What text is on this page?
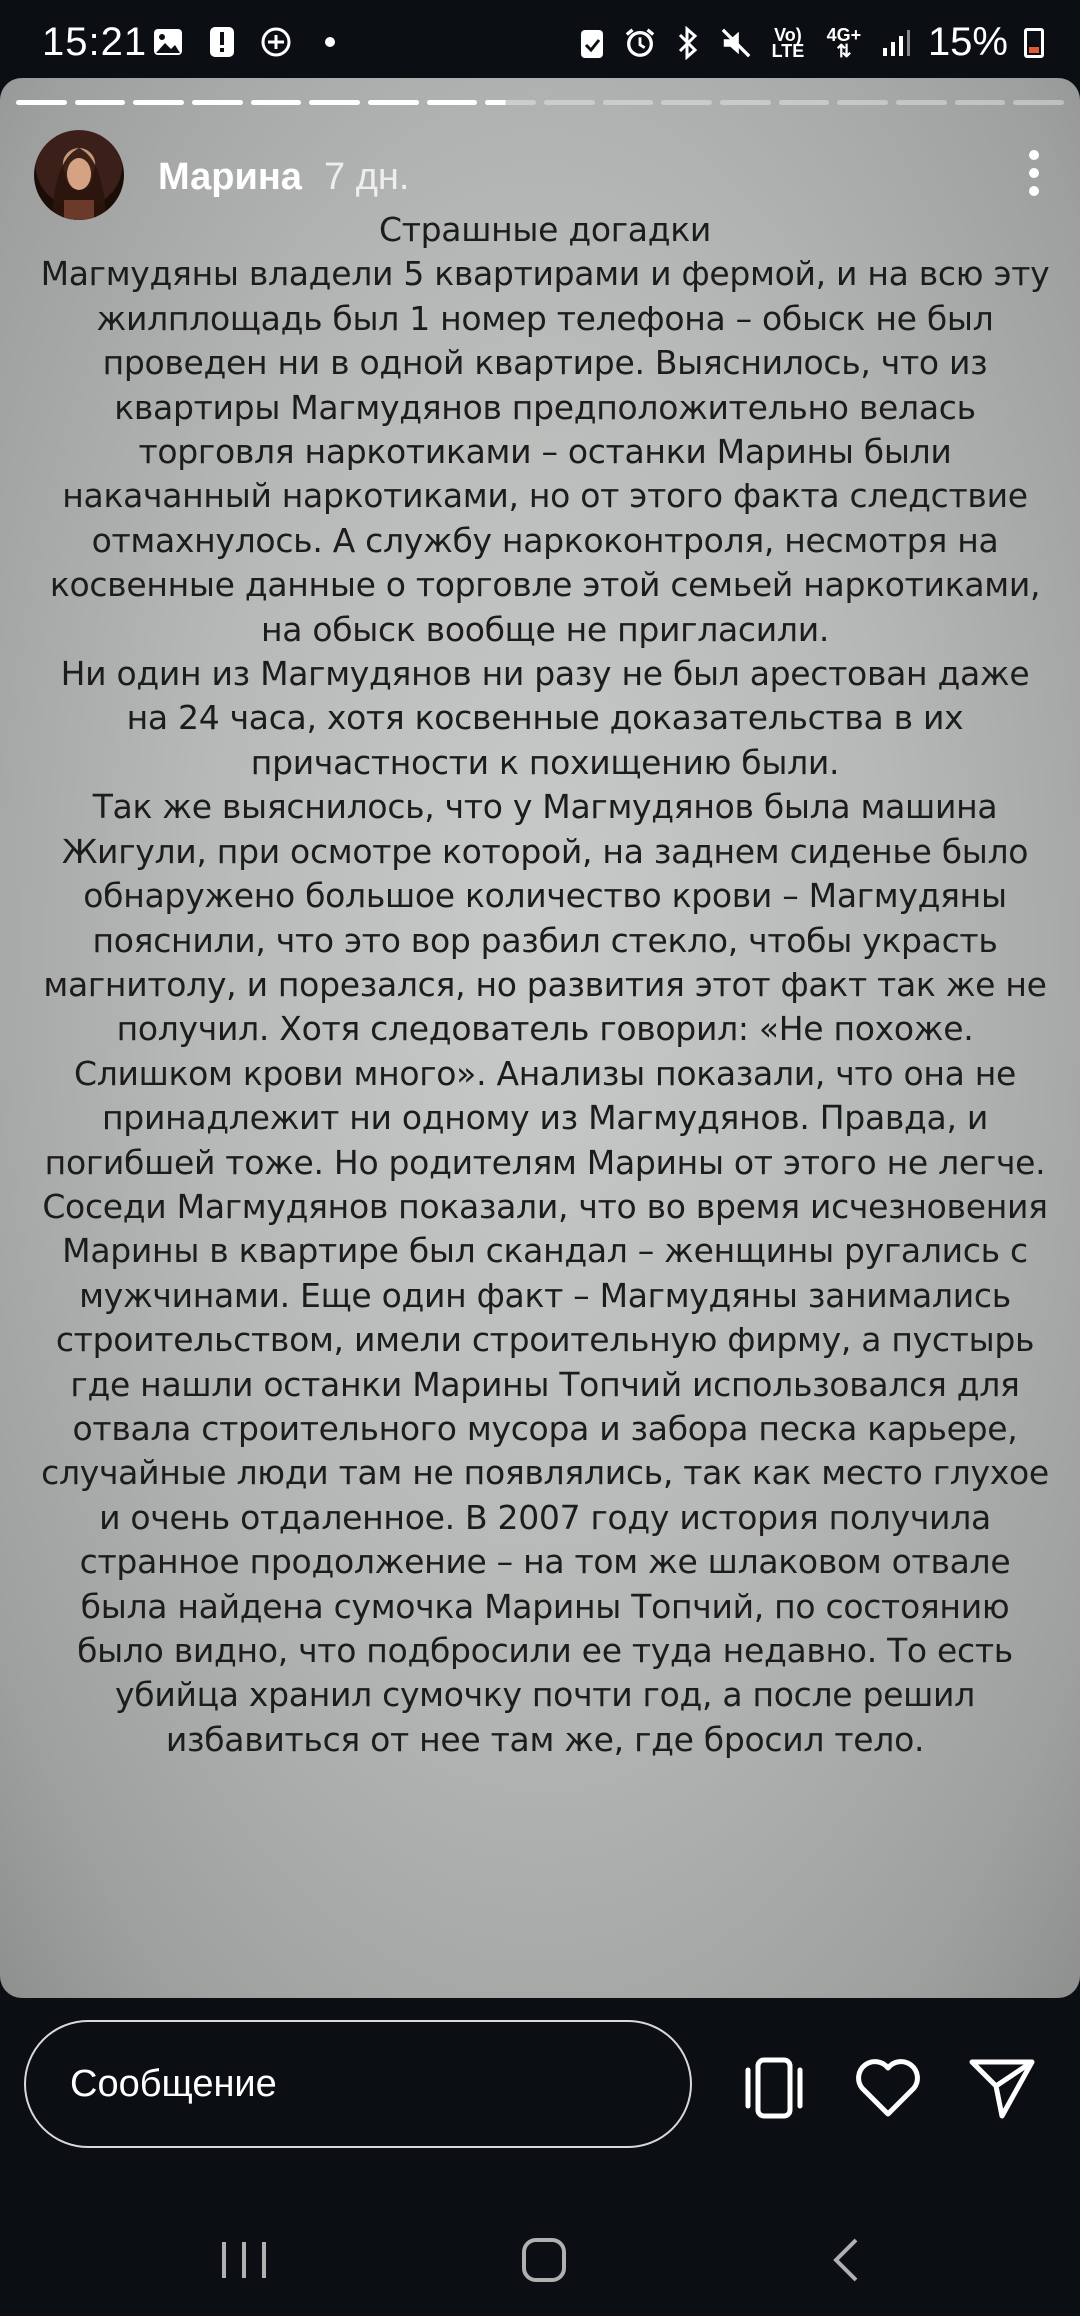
15:21	Vo)
LTE
4G+
⇅ 15%
Марина 7 дн.

Страшные догадки

Магмудяны владели 5 квартирами и фермой, и на всю эту жилплощадь был 1 номер телефона – обыск не был проведен ни в одной квартире. Выяснилось, что из квартиры Магмудянов предположительно велась торговля наркотиками – останки Марины были накачанный наркотиками, но от этого факта следствие отмахнулось. А службу наркоконтроля, несмотря на косвенные данные о торговле этой семьей наркотиками, на обыск вообще не пригласили.

Ни один из Магмудянов ни разу не был арестован даже на 24 часа, хотя косвенные доказательства в их причастности к похищению были.

Так же выяснилось, что у Магмудянов была машина Жигули, при осмотре которой, на заднем сиденье было обнаружено большое количество крови – Магмудяны пояснили, что это вор разбил стекло, чтобы украсть магнитолу, и порезался, но развития этот факт так же не получил. Хотя следователь говорил: «Не похоже. Слишком крови много». Анализы показали, что она не принадлежит ни одному из Магмудянов. Правда, и погибшей тоже. Но родителям Марины от этого не легче.

Соседи Магмудянов показали, что во время исчезновения Марины в квартире был скандал – женщины ругались с мужчинами. Еще один факт – Магмудяны занимались строительством, имели строительную фирму, а пустырь где нашли останки Марины Топчий использовался для отвала строительного мусора и забора песка карьере, случайные люди там не появлялись, так как место глухое и очень отдаленное. В 2007 году история получила странное продолжение – на том же шлаковом отвале была найдена сумочка Марины Топчий, по состоянию было видно, что подбросили ее туда недавно. То есть убийца хранил сумочку почти год, а после решил избавиться от нее там же, где бросил тело.

Сообщение
